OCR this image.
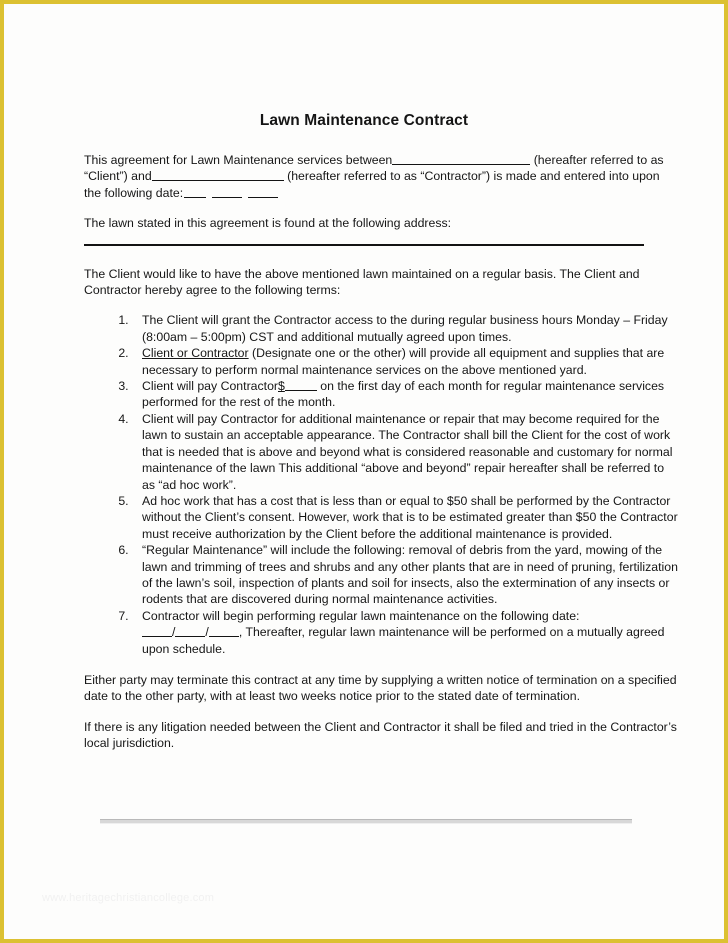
Lawn Maintenance Contract

This agreement for Lawn Maintenance services between	(hereafter referred to as “Client”) and	(hereafter referred to as “Contractor”) is made and entered into upon the following date:

The lawn stated in this agreement is found at the following address:

The Client would like to have the above mentioned lawn maintained on a regular basis. The Client and Contractor hereby agree to the following terms:

1. The Client will grant the Contractor access to the during regular business hours Monday – Friday (8:00am – 5:00pm) CST and additional mutually agreed upon times.
2. Client or Contractor (Designate one or the other) will provide all equipment and supplies that are necessary to perform normal maintenance services on the above mentioned yard.
3. Client will pay Contractor$	on the first day of each month for regular maintenance services performed for the rest of the month.
4. Client will pay Contractor for additional maintenance or repair that may become required for the lawn to sustain an acceptable appearance. The Contractor shall bill the Client for the cost of work that is needed that is above and beyond what is considered reasonable and customary for normal maintenance of the lawn This additional “above and beyond” repair hereafter shall be referred to as “ad hoc work”.
5. Ad hoc work that has a cost that is less than or equal to $50 shall be performed by the Contractor without the Client’s consent. However, work that is to be estimated greater than $50 the Contractor must receive authorization by the Client before the additional maintenance is provided.
6. “Regular Maintenance” will include the following: removal of debris from the yard, mowing of the lawn and trimming of trees and shrubs and any other plants that are in need of pruning, fertilization of the lawn’s soil, inspection of plants and soil for insects, also the extermination of any insects or rodents that are discovered during normal maintenance activities.
7. Contractor will begin performing regular lawn maintenance on the following date:
/ / , Thereafter, regular lawn maintenance will be performed on a mutually agreed upon schedule.

Either party may terminate this contract at any time by supplying a written notice of termination on a specified date to the other party, with at least two weeks notice prior to the stated date of termination.

If there is any litigation needed between the Client and Contractor it shall be filed and tried in the Contractor’s local jurisdiction.

www.heritagechristiancollege.com
